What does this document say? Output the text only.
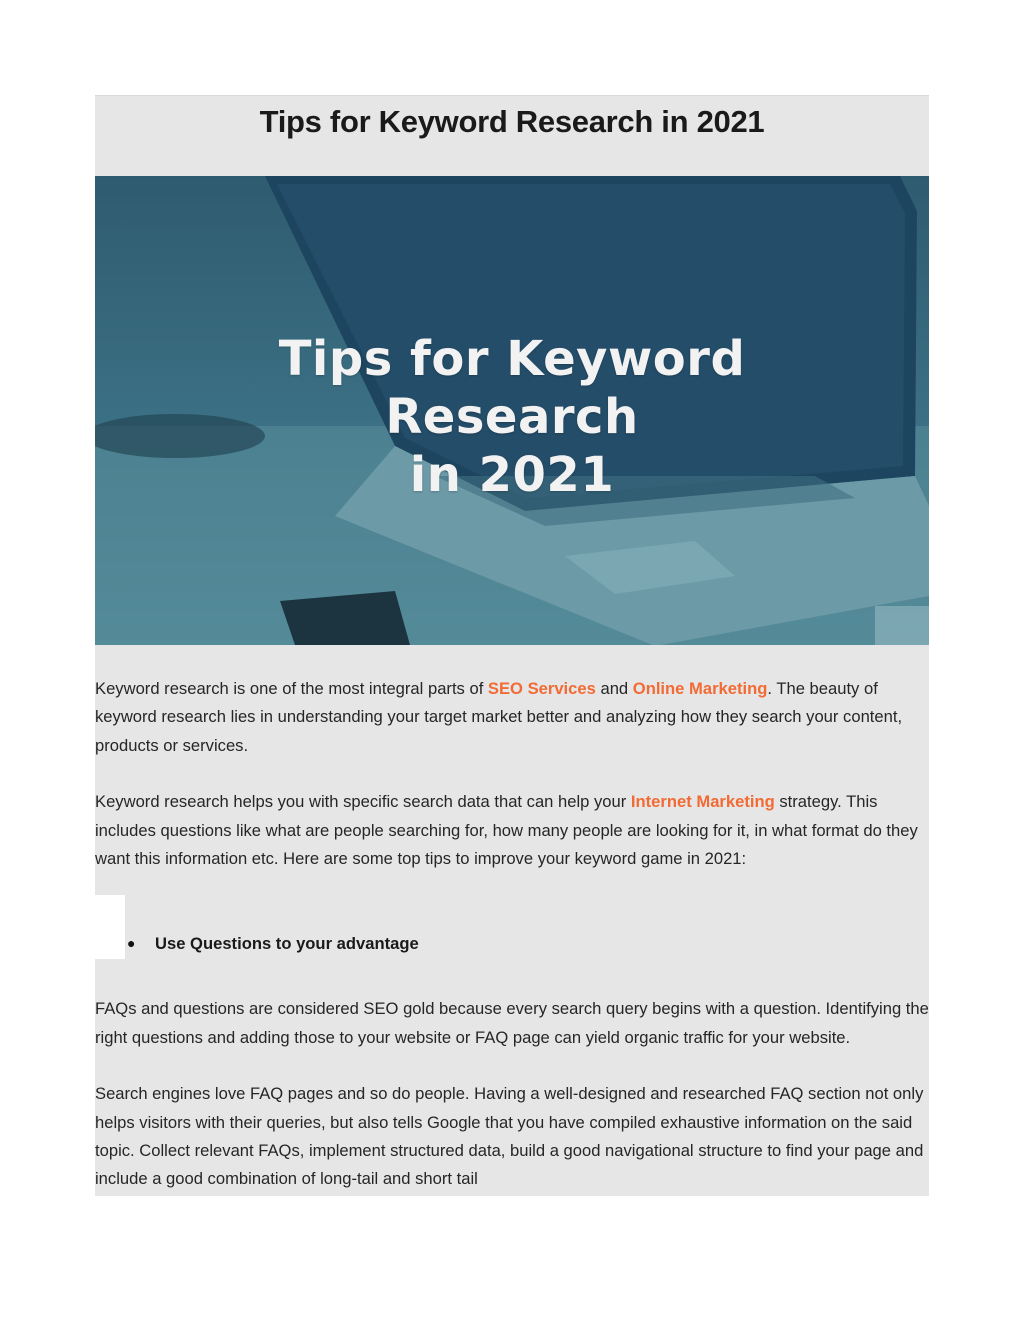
Tips for Keyword Research in 2021
Tips for Keyword
Research
in 2021

Keyword research is one of the most integral parts of SEO Services and Online Marketing. The beauty of keyword research lies in understanding your target market better and analyzing how they search your content, products or services.

Keyword research helps you with specific search data that can help your Internet Marketing strategy. This includes questions like what are people searching for, how many people are looking for it, in what format do they want this information etc. Here are some top tips to improve your keyword game in 2021:

● Use Questions to your advantage

FAQs and questions are considered SEO gold because every search query begins with a question. Identifying the right questions and adding those to your website or FAQ page can yield organic traffic for your website.

Search engines love FAQ pages and so do people. Having a well-designed and researched FAQ section not only helps visitors with their queries, but also tells Google that you have compiled exhaustive information on the said topic. Collect relevant FAQs, implement structured data, build a good navigational structure to find your page and include a good combination of long-tail and short tail
